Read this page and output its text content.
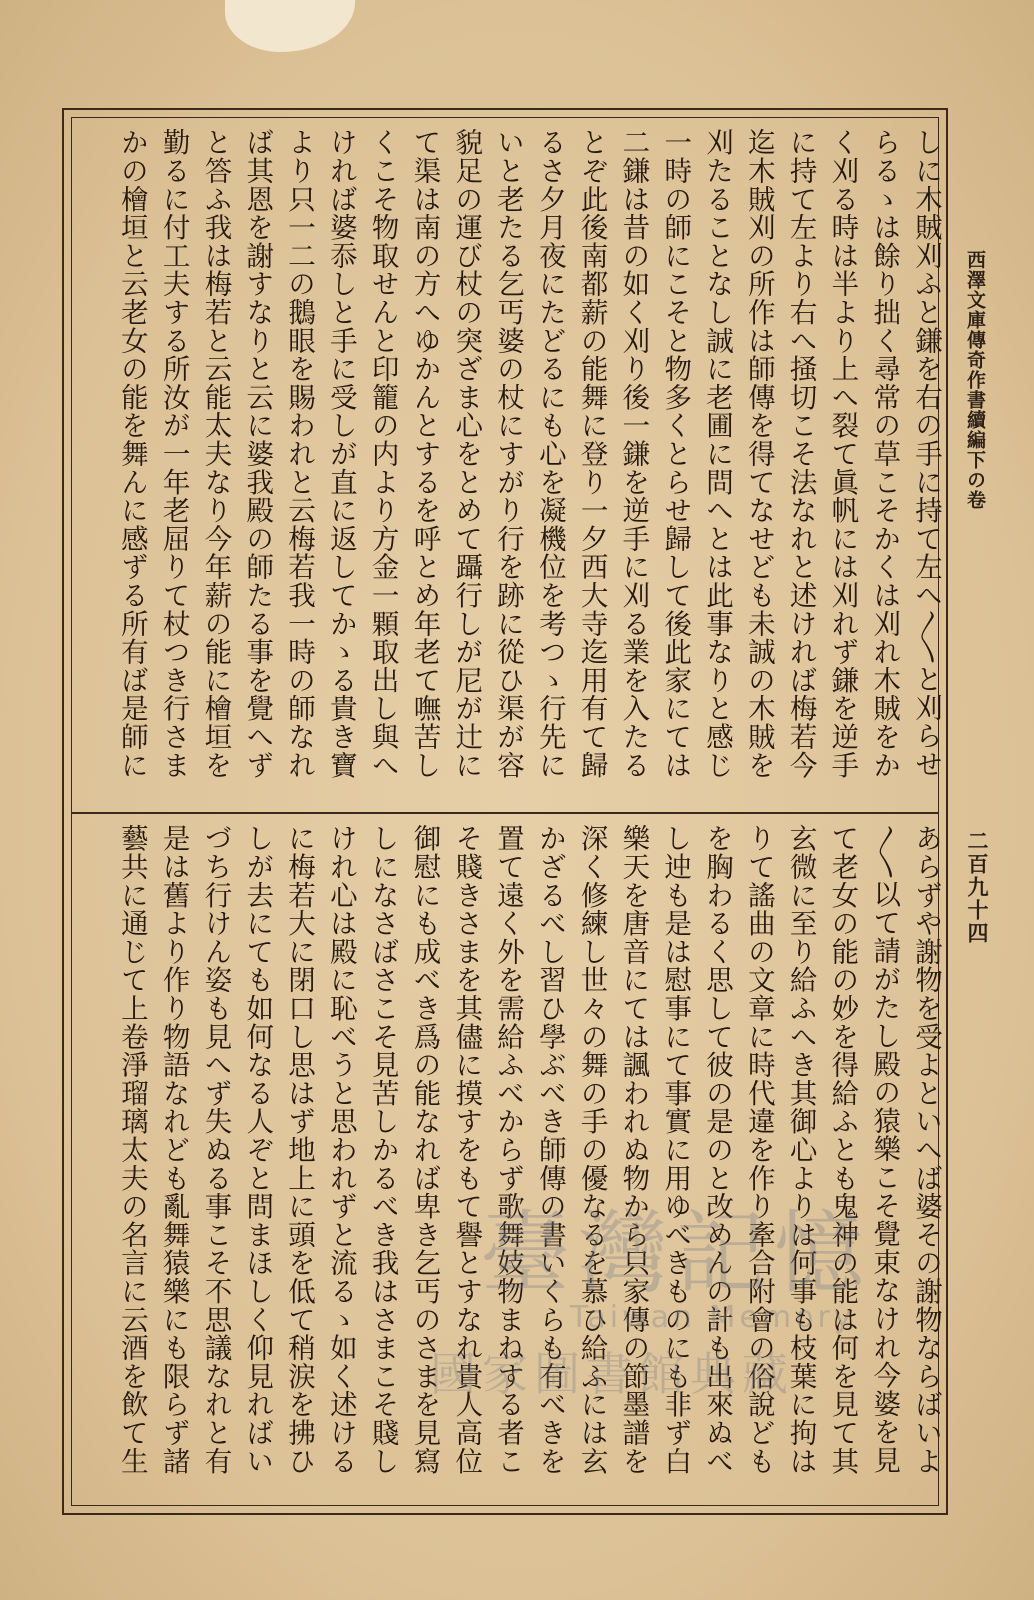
西澤文庫傳奇作書續編下の卷
二百九十四
しに木賊刈ふと鎌を右の手に持て左へ〳〵と刈らせ
らるゝは餘り拙く尋常の草こそかくは刈れ木賊をか
く刈る時は半より上へ裂て眞帆には刈れず鎌を逆手
に持て左より右へ掻切こそ法なれと述ければ梅若今
迄木賊刈の所作は師傳を得てなせども未誠の木賊を
刈たることなし誠に老圃に問へとは此事なりと感じ
一時の師にこそと物多くとらせ歸して後此家にては
二鎌は昔の如く刈り後一鎌を逆手に刈る業を入たる
とぞ此後南都薪の能舞に登り一夕西大寺迄用有て歸
るさ夕月夜にたどるにも心を凝機位を考つゝ行先に
いと老たる乞丐婆の杖にすがり行を跡に從ひ渠が容
貌足の運び杖の突ざま心をとめて躡行しが尼が辻に
て渠は南の方へゆかんとするを呼とめ年老て嘸苦し
くこそ物取せんと印籠の内より方金一顆取出し與へ
ければ婆忝しと手に受しが直に返してかゝる貴き寶
より只一二の鵝眼を賜われと云梅若我一時の師なれ
ば其恩を謝すなりと云に婆我殿の師たる事を覺へず
と答ふ我は梅若と云能太夫なり今年薪の能に檜垣を
勤るに付工夫する所汝が一年老屈りて杖つき行さま
かの檜垣と云老女の能を舞んに感ずる所有ば是師に
あらずや謝物を受よといへば婆その謝物ならばいよ
〳〵以て請がたし殿の猿樂こそ覺束なけれ今婆を見
て老女の能の妙を得給ふとも鬼神の能は何を見て其
玄微に至り給ふへき其御心よりは何事も枝葉に拘は
りて謠曲の文章に時代違を作り牽合附會の俗說ども
を胸わるく思して彼の是のと改めんの計も出來ぬべ
し迚も是は慰事にて事實に用ゆべきものにも非ず白
樂天を唐音にては諷われぬ物から只家傳の節墨譜を
深く修練し世々の舞の手の優なるを慕ひ給ふには玄
かざるべし習ひ學ぶべき師傳の書いくらも有べきを
置て遠く外を需給ふべからず歌舞妓物まねする者こ
そ賤きさまを其儘に摸すをもて譽とすなれ貴人高位
御慰にも成べき爲の能なれば卑き乞丐のさまを見寫
しになさばさこそ見苦しかるべき我はさまこそ賤し
けれ心は殿に恥べうと思われずと流るゝ如く述ける
に梅若大に閉口し思はず地上に頭を低て稍涙を拂ひ
しが去にても如何なる人ぞと問まほしく仰見ればい
づち行けん姿も見へず失ぬる事こそ不思議なれと有
是は舊より作り物語なれども亂舞猿樂にも限らず諸
藝共に通じて上卷淨瑠璃太夫の名言に云酒を飲て生	臺灣記憶
Taiwan Memory
國家圖書館典藏
